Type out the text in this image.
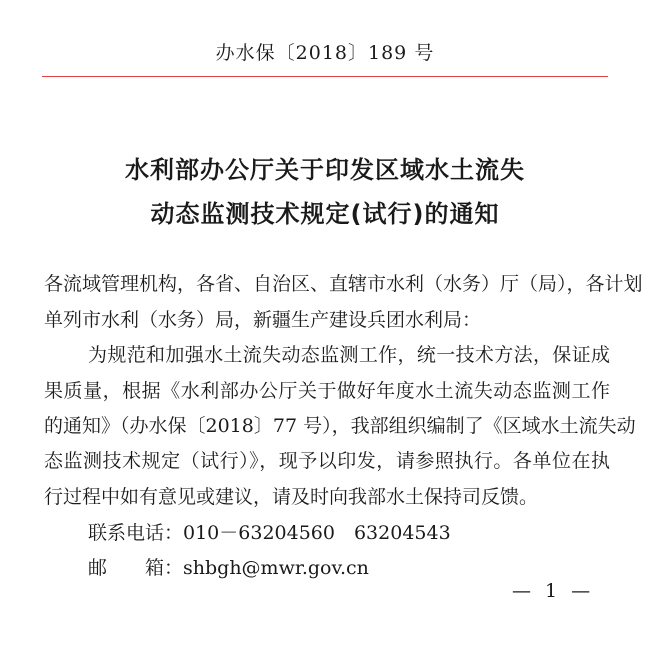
办水保〔2018〕189 号
水利部办公厅关于印发区域水土流失
动态监测技术规定(试行)的通知
各流域管理机构，各省、自治区、直辖市水利（水务）厅（局），各计划
单列市水利（水务）局，新疆生产建设兵团水利局：
为规范和加强水土流失动态监测工作，统一技术方法，保证成
果质量，根据《水利部办公厅关于做好年度水土流失动态监测工作
的通知》（办水保〔2018〕77 号），我部组织编制了《区域水土流失动
态监测技术规定（试行）》，现予以印发，请参照执行。各单位在执
行过程中如有意见或建议，请及时向我部水土保持司反馈。
联系电话：010－63204560　63204543
邮　　箱：shbgh@mwr.gov.cn
— 1 —
